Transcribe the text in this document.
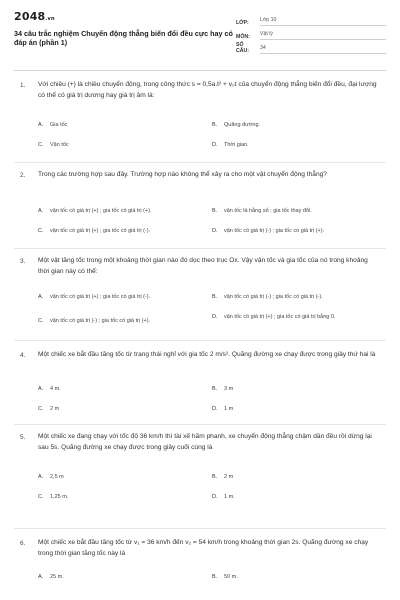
2048.vn
34 câu trắc nghiệm Chuyển động thẳng biến đổi đều cực hay có đáp án (phần 1)
LỚP:	Lớp 10
MÔN:	Vật lý
SỐ CÂU:	34
1. Với chiều (+) là chiều chuyển động, trong công thức s = 0,5a.t² + v₀t của chuyển động thẳng biến đổi đều, đại lượng có thể có giá trị dương hay giá trị âm là:
A.	Gia tốc	B.	Quãng đường.
C.	Vận tốc	D.	Thời gian.
2. Trong các trường hợp sau đây. Trường hợp nào không thể xảy ra cho một vật chuyển động thẳng?
A.	vận tốc có giá trị (+) ; gia tốc có giá trị (+).	B.	vận tốc là hằng số ; gia tốc thay đổi.
C.	vận tốc có giá trị (+) ; gia tốc có giá trị (-).	D.	vận tốc có giá trị (-) ; gia tốc có giá trị (+).
3. Một vật tăng tốc trong một khoảng thời gian nào đó dọc theo trục Ox. Vậy vận tốc và gia tốc của nó trong khoảng thời gian này có thể:
A.	vận tốc có giá trị (+) ; gia tốc có giá trị (-).	B.	vận tốc có giá trị (-) ; gia tốc có giá trị (-).
C.	vận tốc có giá trị (-) ; gia tốc có giá trị (+).
D.	vận tốc có giá trị (+) ; gia tốc có giá trị bằng 0.
4. Một chiếc xe bắt đầu tăng tốc từ trạng thái nghỉ với gia tốc 2 m/s². Quãng đường xe chạy được trong giây thứ hai là
A.	4 m.	B.	3 m
C.	2 m	D.	1 m
5. Một chiếc xe đang chạy với tốc độ 36 km/h thì tài xế hãm phanh, xe chuyển động thẳng chậm dần đều rồi dừng lại sau 5s. Quãng đường xe chạy được trong giây cuối cùng là
A.	2,5 m	B.	2 m
C.	1,25 m.	D.	1 m.
6. Một chiếc xe bắt đầu tăng tốc từ v₁ = 36 km/h đến v₂ = 54 km/h trong khoảng thời gian 2s. Quãng đường xe chạy trong thời gian tăng tốc này là
A.	25 m.	B.	50 m.
